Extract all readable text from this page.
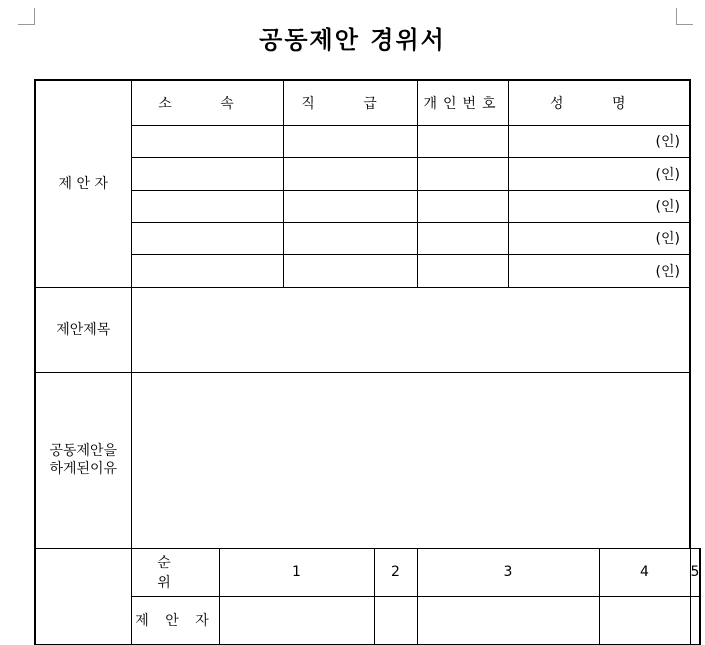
공동제안 경위서
제 안 자	소 속		직 급		개인번호	성 명		
						(인)		
						(인)		
						(인)		
						(인)		
						(인)		
제안제목								

공동제안을
하게된이유								

	순 위	1		2	3		4	5
	제 안 자							
